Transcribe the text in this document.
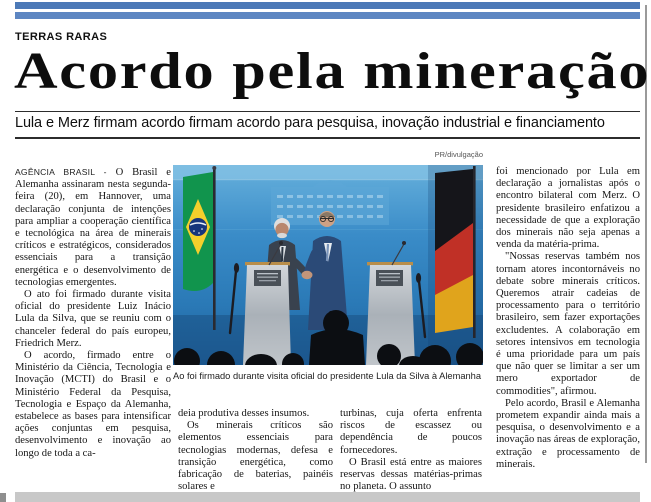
TERRAS RARAS
Acordo pela mineração
Lula e Merz firmam acordo firmam acordo para pesquisa, inovação industrial e financiamento
PR/divulgação
Ao foi firmado durante visita oficial do presidente Lula da Silva à Alemanha

AGÊNCIA BRASIL - O Brasil e Alemanha assinaram nesta segunda-feira (20), em Hannover, uma declaração conjunta de intenções para ampliar a cooperação científica e tecnológica na área de minerais críticos e estratégicos, considerados essenciais para a transição energética e o desenvolvimento de tecnologias emergentes.

O ato foi firmado durante visita oficial do presidente Luiz Inácio Lula da Silva, que se reuniu com o chanceler federal do país europeu, Friedrich Merz.

O acordo, firmado entre o Ministério da Ciência, Tecnologia e Inovação (MCTI) do Brasil e o Ministério Federal da Pesquisa, Tecnologia e Espaço da Alemanha, estabelece as bases para intensificar ações conjuntas em pesquisa, desenvolvimento e inovação ao longo de toda a ca-

deia produtiva desses insumos.

Os minerais críticos são elementos essenciais para tecnologias modernas, defesa e transição energética, como fabricação de baterias, painéis solares e

turbinas, cuja oferta enfrenta riscos de escassez ou dependência de poucos fornecedores.

O Brasil está entre as maiores reservas dessas matérias-primas no planeta. O assunto

foi mencionado por Lula em declaração a jornalistas após o encontro bilateral com Merz. O presidente brasileiro enfatizou a necessidade de que a exploração dos minerais não seja apenas a venda da matéria-prima.

"Nossas reservas também nos tornam atores incontornáveis no debate sobre minerais críticos. Queremos atrair cadeias de processamento para o território brasileiro, sem fazer exportações excludentes. A colaboração em setores intensivos em tecnologia é uma prioridade para um país que não quer se limitar a ser um mero exportador de commodities", afirmou.

Pelo acordo, Brasil e Alemanha prometem expandir ainda mais a pesquisa, o desenvolvimento e a inovação nas áreas de exploração, extração e processamento de minerais.
